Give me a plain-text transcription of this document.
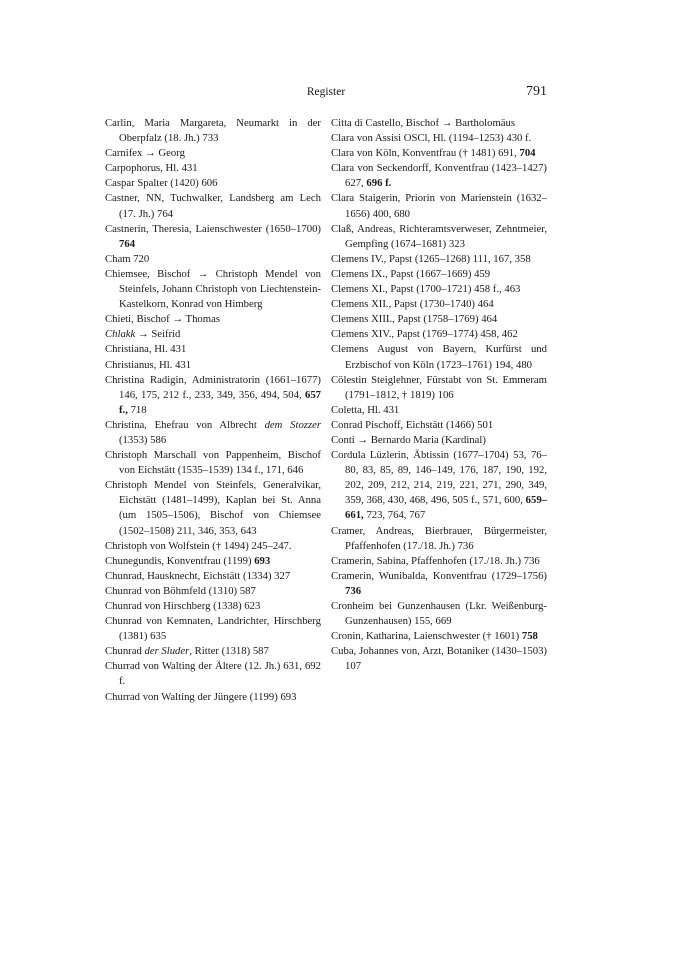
Register	791
Carlin, Maria Margareta, Neumarkt in der Oberpfalz (18. Jh.) 733
Carnifex → Georg
Carpophorus, Hl. 431
Caspar Spalter (1420) 606
Castner, NN, Tuchwalker, Landsberg am Lech (17. Jh.) 764
Castnerin, Theresia, Laienschwester (1650–1700) 764
Cham 720
Chiemsee, Bischof → Christoph Mendel von Steinfels, Johann Christoph von Liechtenstein-Kastelkorn, Konrad von Himberg
Chieti, Bischof → Thomas
Chlakk → Seifrid
Christiana, Hl. 431
Christianus, Hl. 431
Christina Radigin, Administratorin (1661–1677) 146, 175, 212 f., 233, 349, 356, 494, 504, 657 f., 718
Christina, Ehefrau von Albrecht dem Stozzer (1353) 586
Christoph Marschall von Pappenheim, Bischof von Eichstätt (1535–1539) 134 f., 171, 646
Christoph Mendel von Steinfels, Generalvikar, Eichstätt (1481–1499), Kaplan bei St. Anna (um 1505–1506), Bischof von Chiemsee (1502–1508) 211, 346, 353, 643
Christoph von Wolfstein († 1494) 245–247.
Chunegundis, Konventfrau (1199) 693
Chunrad, Hausknecht, Eichstätt (1334) 327
Chunrad von Böhmfeld (1310) 587
Chunrad von Hirschberg (1338) 623
Chunrad von Kemnaten, Landrichter, Hirschberg (1381) 635
Chunrad der Sluder, Ritter (1318) 587
Churrad von Walting der Ältere (12. Jh.) 631, 692 f.
Churrad von Walting der Jüngere (1199) 693
Citta di Castello, Bischof → Bartholomäus
Clara von Assisi OSCl, Hl. (1194–1253) 430 f.
Clara von Köln, Konventfrau († 1481) 691, 704
Clara von Seckendorff, Konventfrau (1423–1427) 627, 696 f.
Clara Staigerin, Priorin von Marienstein (1632–1656) 400, 680
Claß, Andreas, Richteramtsverweser, Zehntmeier, Gempfing (1674–1681) 323
Clemens IV., Papst (1265–1268) 111, 167, 358
Clemens IX., Papst (1667–1669) 459
Clemens XI., Papst (1700–1721) 458 f., 463
Clemens XII., Papst (1730–1740) 464
Clemens XIII., Papst (1758–1769) 464
Clemens XIV., Papst (1769–1774) 458, 462
Clemens August von Bayern, Kurfürst und Erzbischof von Köln (1723–1761) 194, 480
Cölestin Steiglehner, Fürstabt von St. Emmeram (1791–1812, † 1819) 106
Coletta, Hl. 431
Conrad Pischoff, Eichstätt (1466) 501
Conti → Bernardo Maria (Kardinal)
Cordula Lüzlerin, Äbtissin (1677–1704) 53, 76–80, 83, 85, 89, 146–149, 176, 187, 190, 192, 202, 209, 212, 214, 219, 221, 271, 290, 349, 359, 368, 430, 468, 496, 505 f., 571, 600, 659–661, 723, 764, 767
Cramer, Andreas, Bierbrauer, Bürgermeister, Pfaffenhofen (17./18. Jh.) 736
Cramerin, Sabina, Pfaffenhofen (17./18. Jh.) 736
Cramerin, Wunibalda, Konventfrau (1729–1756) 736
Cronheim bei Gunzenhausen (Lkr. Weißenburg-Gunzenhausen) 155, 669
Cronin, Katharina, Laienschwester († 1601) 758
Cuba, Johannes von, Arzt, Botaniker (1430–1503) 107
